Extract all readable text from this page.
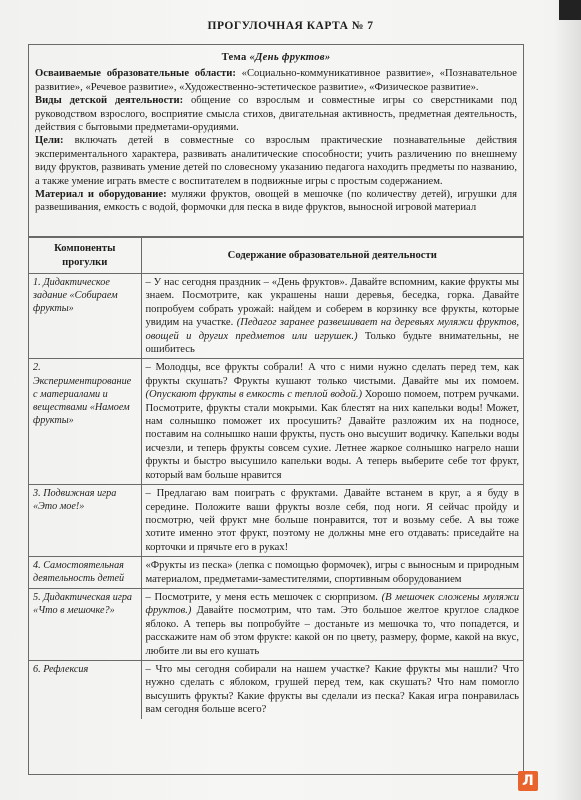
ПРОГУЛОЧНАЯ КАРТА № 7
Тема «День фруктов»

Осваиваемые образовательные области: «Социально-коммуникативное развитие», «Познавательное развитие», «Речевое развитие», «Художественно-эстетическое развитие», «Физическое развитие».

Виды детской деятельности: общение со взрослым и совместные игры со сверстниками под руководством взрослого, восприятие смысла стихов, двигательная активность, предметная деятельность, действия с бытовыми предметами-орудиями.

Цели: включать детей в совместные со взрослым практические познавательные действия экспериментального характера, развивать аналитические способности; учить различению по внешнему виду фруктов, развивать умение детей по словесному указанию педагога находить предметы по названию, а также умение играть вместе с воспитателем в подвижные игры с простым содержанием.

Материал и оборудование: муляжи фруктов, овощей в мешочке (по количеству детей), игрушки для развешивания, емкость с водой, формочки для песка в виде фруктов, выносной игровой материал

Компоненты прогулки	Содержание образовательной деятельности
1. Дидактическое задание «Собираем фрукты»	– У нас сегодня праздник – «День фруктов». Давайте вспомним, какие фрукты мы знаем. Посмотрите, как украшены наши деревья, беседка, горка. Давайте попробуем собрать урожай: найдем и соберем в корзинку все фрукты, которые увидим на участке. (Педагог заранее развешивает на деревьях муляжи фруктов, овощей и других предметов или игрушек.) Только будьте внимательны, не ошибитесь
2. Экспериментирование с материалами и веществами «Намоем фрукты»	– Молодцы, все фрукты собрали! А что с ними нужно сделать перед тем, как фрукты скушать? Фрукты кушают только чистыми. Давайте мы их помоем. (Опускают фрукты в емкость с теплой водой.) Хорошо помоем, потрем ручками. Посмотрите, фрукты стали мокрыми. Как блестят на них капельки воды! Может, нам солнышко поможет их просушить? Давайте разложим их на подносе, поставим на солнышко наши фрукты, пусть оно высушит водичку. Капельки воды исчезли, и теперь фрукты совсем сухие. Летнее жаркое солнышко нагрело наши фрукты и быстро высушило капельки воды. А теперь выберите себе тот фрукт, который вам больше нравится
3. Подвижная игра «Это мое!»	– Предлагаю вам поиграть с фруктами. Давайте встанем в круг, а я буду в середине. Положите ваши фрукты возле себя, под ноги. Я сейчас пройду и посмотрю, чей фрукт мне больше понравится, тот и возьму себе. А вы тоже хотите именно этот фрукт, поэтому не должны мне его отдавать: приседайте на корточки и прячьте его в руках!
4. Самостоятельная деятельность детей	«Фрукты из песка» (лепка с помощью формочек), игры с выносным и природным материалом, предметами-заместителями, спортивным оборудованием
5. Дидактическая игра «Что в мешочке?»	– Посмотрите, у меня есть мешочек с сюрпризом. (В мешочек сложены муляжи фруктов.) Давайте посмотрим, что там. Это большое желтое круглое сладкое яблоко. А теперь вы попробуйте – достаньте из мешочка то, что попадется, и расскажите нам об этом фрукте: какой он по цвету, размеру, форме, какой на вкус, любите ли вы его кушать
6. Рефлексия	– Что мы сегодня собирали на нашем участке? Какие фрукты мы нашли? Что нужно сделать с яблоком, грушей перед тем, как скушать? Что нам помогло высушить фрукты? Какие фрукты вы сделали из песка? Какая игра понравилась вам сегодня больше всего?
Л
